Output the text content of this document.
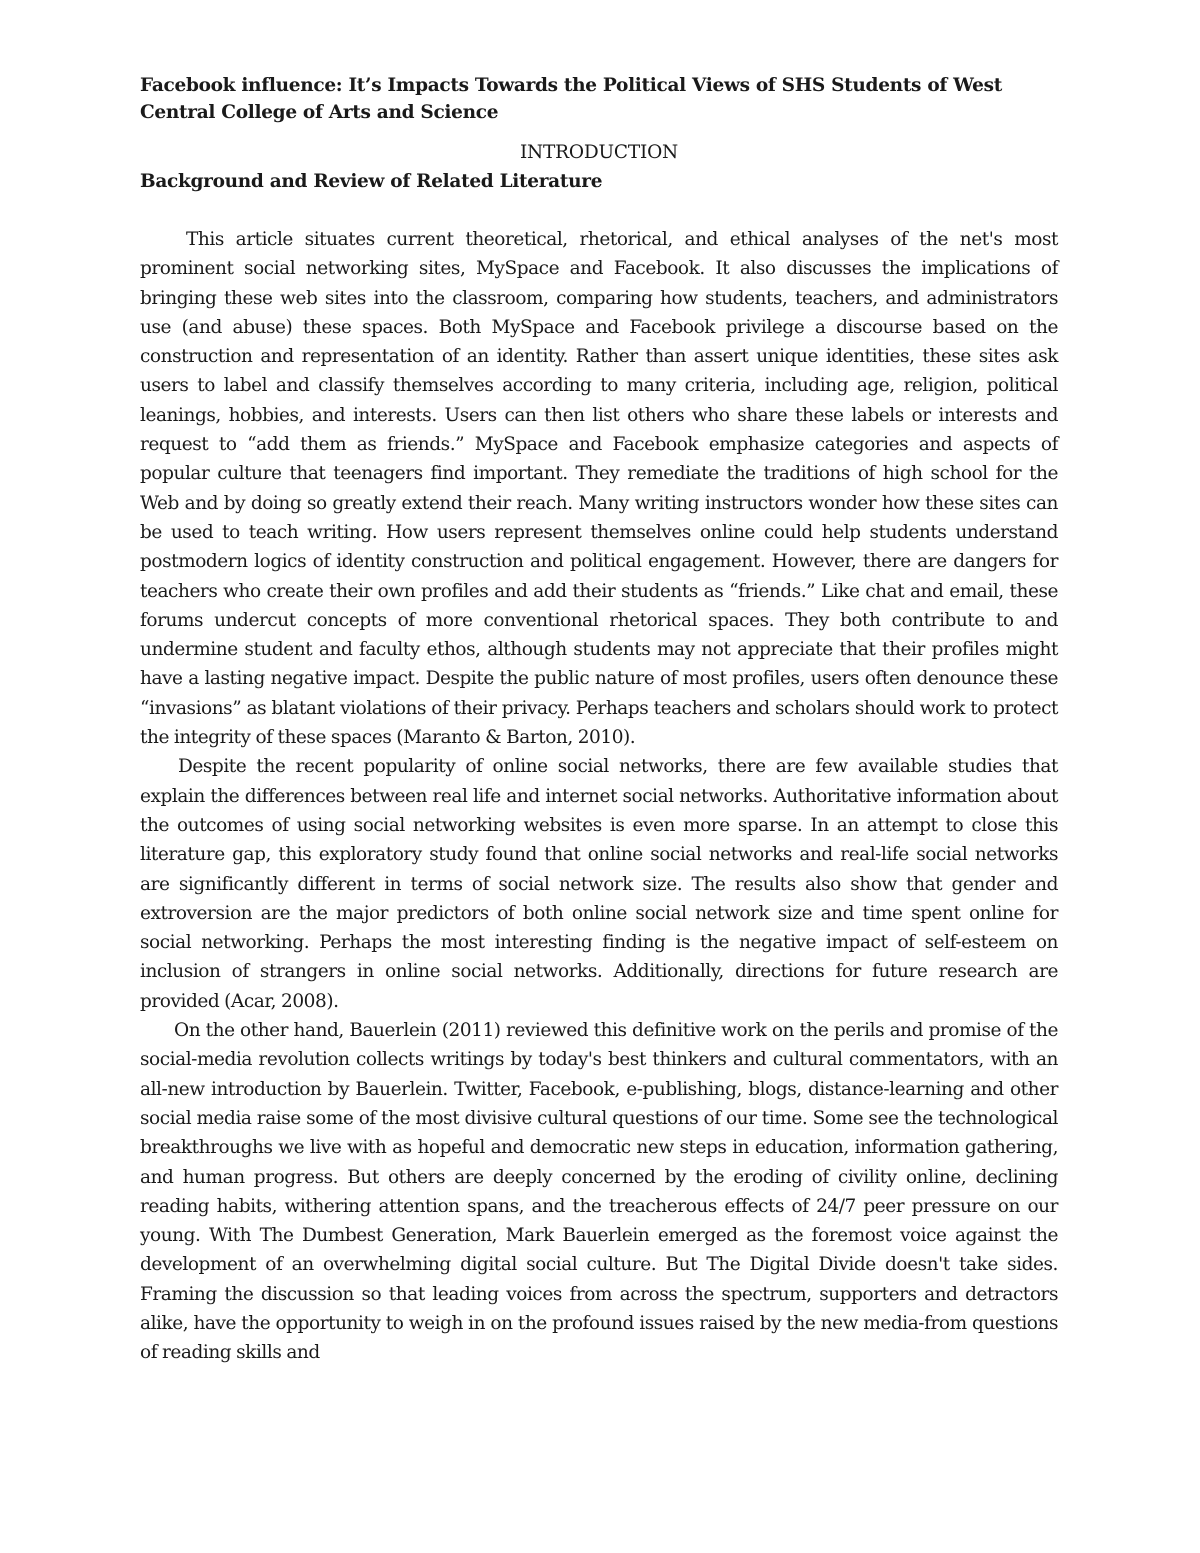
Facebook influence: It’s Impacts Towards the Political Views of SHS Students of West Central College of Arts and Science
INTRODUCTION
Background and Review of Related Literature

This article situates current theoretical, rhetorical, and ethical analyses of the net's most prominent social networking sites, MySpace and Facebook. It also discusses the implications of bringing these web sites into the classroom, comparing how students, teachers, and administrators use (and abuse) these spaces. Both MySpace and Facebook privilege a discourse based on the construction and representation of an identity. Rather than assert unique identities, these sites ask users to label and classify themselves according to many criteria, including age, religion, political leanings, hobbies, and interests. Users can then list others who share these labels or interests and request to “add them as friends.” MySpace and Facebook emphasize categories and aspects of popular culture that teenagers find important. They remediate the traditions of high school for the Web and by doing so greatly extend their reach. Many writing instructors wonder how these sites can be used to teach writing. How users represent themselves online could help students understand postmodern logics of identity construction and political engagement. However, there are dangers for teachers who create their own profiles and add their students as “friends.” Like chat and email, these forums undercut concepts of more conventional rhetorical spaces. They both contribute to and undermine student and faculty ethos, although students may not appreciate that their profiles might have a lasting negative impact. Despite the public nature of most profiles, users often denounce these “invasions” as blatant violations of their privacy. Perhaps teachers and scholars should work to protect the integrity of these spaces (Maranto & Barton, 2010).

Despite the recent popularity of online social networks, there are few available studies that explain the differences between real life and internet social networks. Authoritative information about the outcomes of using social networking websites is even more sparse. In an attempt to close this literature gap, this exploratory study found that online social networks and real-life social networks are significantly different in terms of social network size. The results also show that gender and extroversion are the major predictors of both online social network size and time spent online for social networking. Perhaps the most interesting finding is the negative impact of self-esteem on inclusion of strangers in online social networks. Additionally, directions for future research are provided (Acar, 2008).

On the other hand, Bauerlein (2011) reviewed this definitive work on the perils and promise of the social-media revolution collects writings by today's best thinkers and cultural commentators, with an all-new introduction by Bauerlein. Twitter, Facebook, e-publishing, blogs, distance-learning and other social media raise some of the most divisive cultural questions of our time. Some see the technological breakthroughs we live with as hopeful and democratic new steps in education, information gathering, and human progress. But others are deeply concerned by the eroding of civility online, declining reading habits, withering attention spans, and the treacherous effects of 24/7 peer pressure on our young. With The Dumbest Generation, Mark Bauerlein emerged as the foremost voice against the development of an overwhelming digital social culture. But The Digital Divide doesn't take sides. Framing the discussion so that leading voices from across the spectrum, supporters and detractors alike, have the opportunity to weigh in on the profound issues raised by the new media-from questions of reading skills and
